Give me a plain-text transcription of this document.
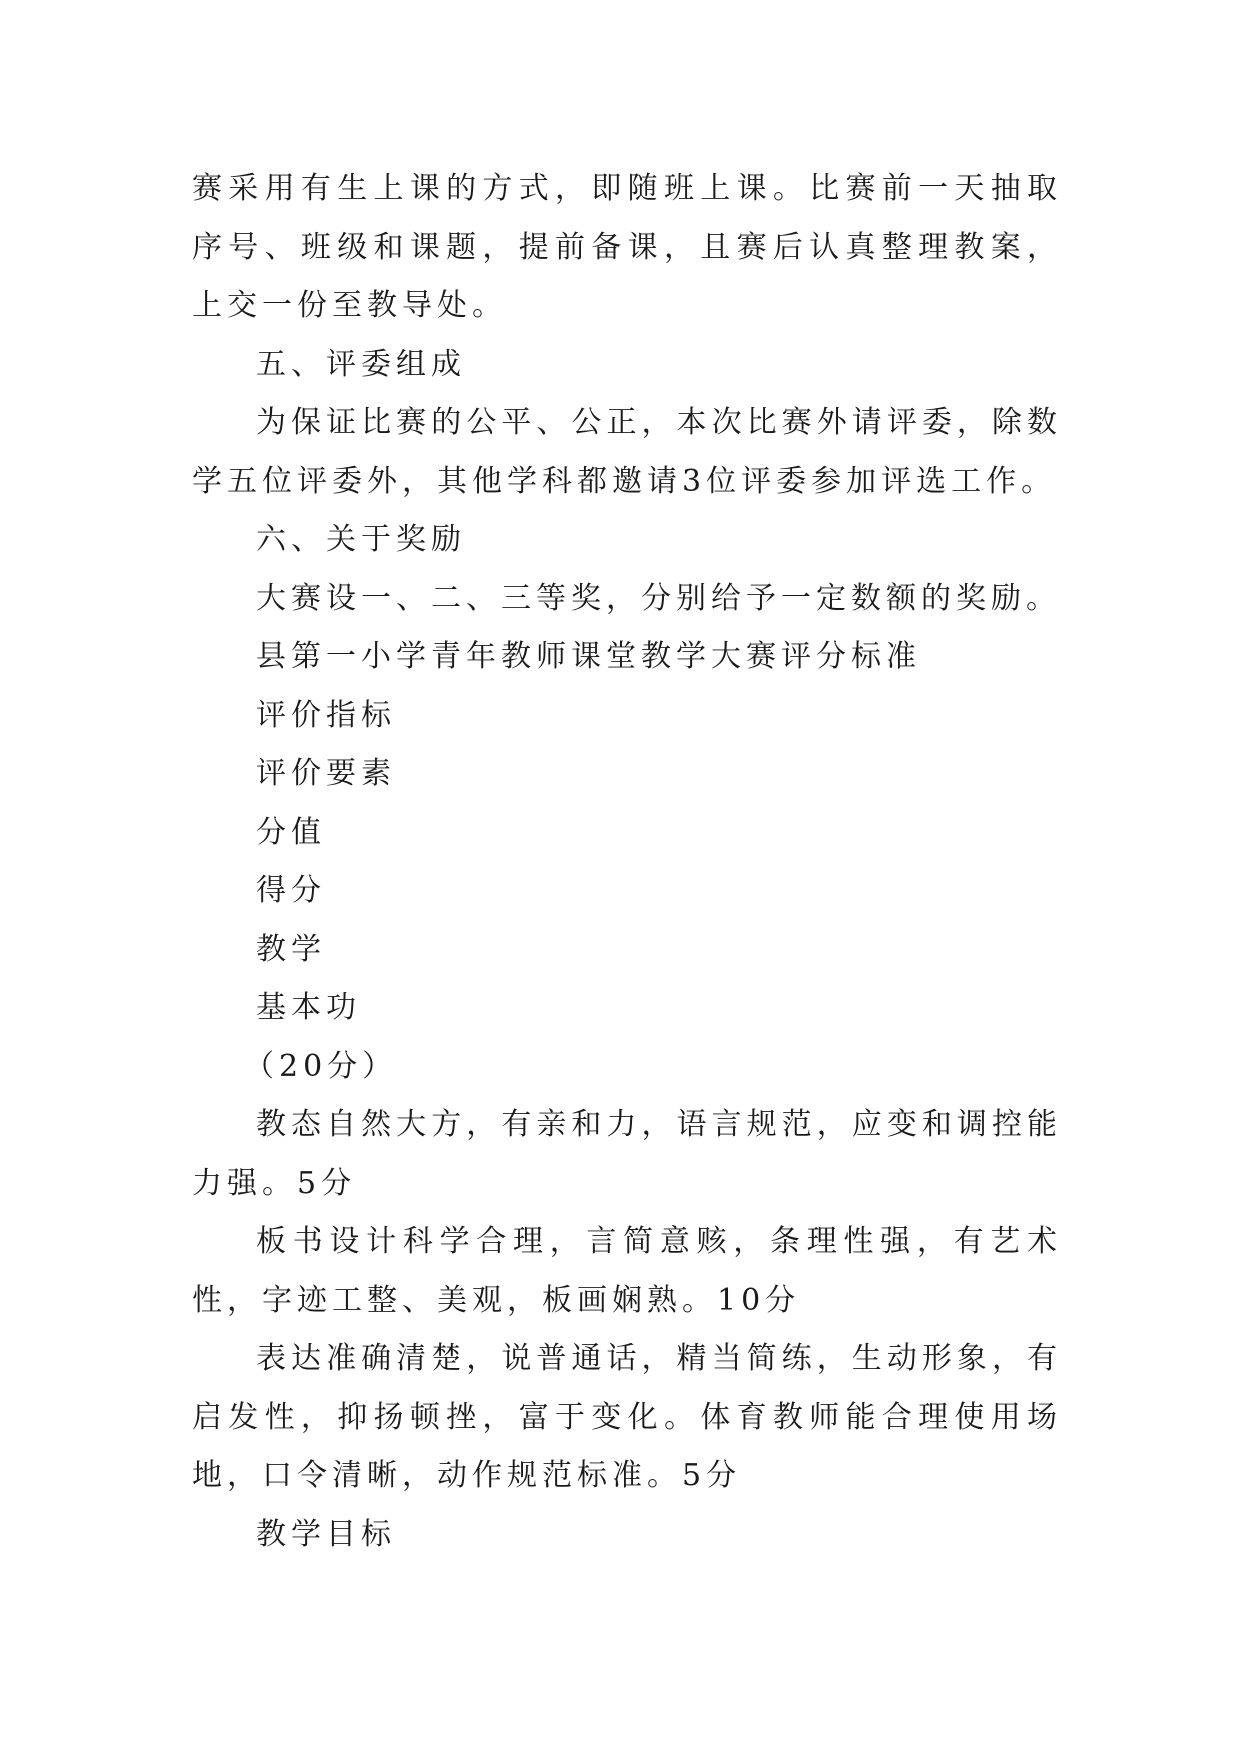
赛采用有生上课的方式，即随班上课。比赛前一天抽取序号、班级和课题，提前备课，且赛后认真整理教案，上交一份至教导处。

五、评委组成

为保证比赛的公平、公正，本次比赛外请评委，除数学五位评委外，其他学科都邀请3位评委参加评选工作。

六、关于奖励

大赛设一、二、三等奖，分别给予一定数额的奖励。

县第一小学青年教师课堂教学大赛评分标准

评价指标

评价要素

分值

得分

教学

基本功

（20分）

教态自然大方，有亲和力，语言规范，应变和调控能力强。5分

板书设计科学合理，言简意赅，条理性强，有艺术性，字迹工整、美观，板画娴熟。10分

表达准确清楚，说普通话，精当简练，生动形象，有启发性，抑扬顿挫，富于变化。体育教师能合理使用场地，口令清晰，动作规范标准。5分

教学目标
